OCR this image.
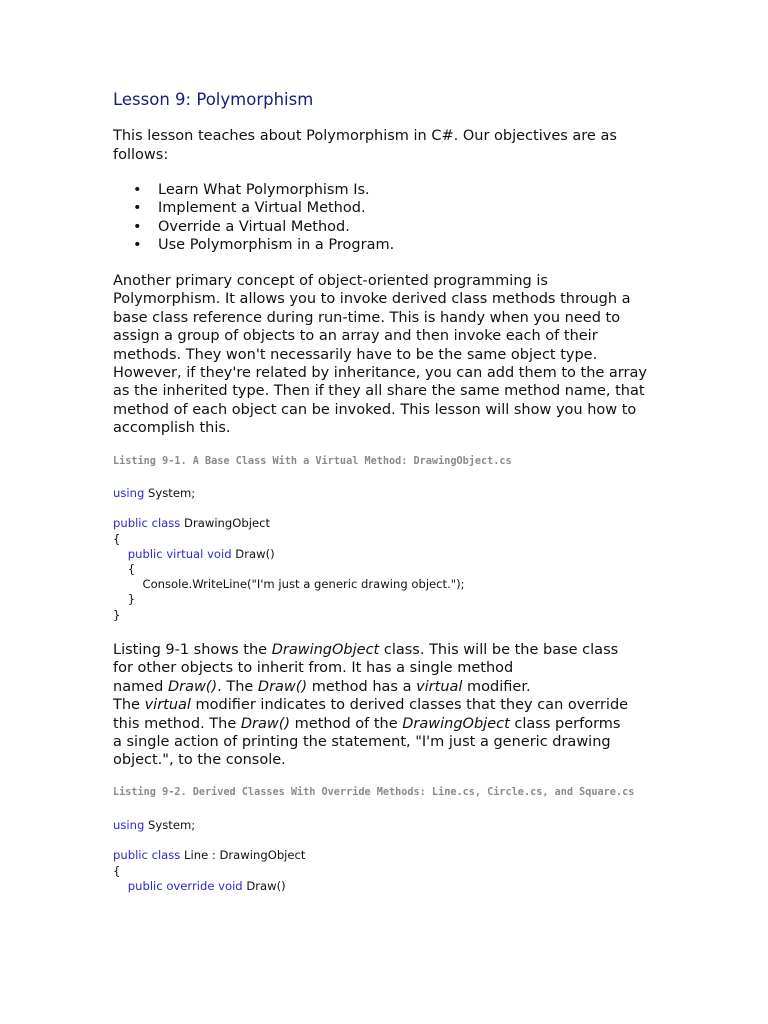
Lesson 9: Polymorphism

This lesson teaches about Polymorphism in C#. Our objectives are as follows:

• Learn What Polymorphism Is.
• Implement a Virtual Method.
• Override a Virtual Method.
• Use Polymorphism in a Program.

Another primary concept of object-oriented programming is Polymorphism. It allows you to invoke derived class methods through a base class reference during run-time. This is handy when you need to assign a group of objects to an array and then invoke each of their methods. They won't necessarily have to be the same object type. However, if they're related by inheritance, you can add them to the array as the inherited type. Then if they all share the same method name, that method of each object can be invoked. This lesson will show you how to accomplish this.

Listing 9-1. A Base Class With a Virtual Method: DrawingObject.cs

using System;
public class DrawingObject
{
public virtual void Draw()
{
Console.WriteLine("I'm just a generic drawing object.");
}
}

Listing 9-1 shows the DrawingObject class. This will be the base class
for other objects to inherit from. It has a single method
named Draw(). The Draw() method has a virtual modifier.
The virtual modifier indicates to derived classes that they can override
this method. The Draw() method of the DrawingObject class performs
a single action of printing the statement, "I'm just a generic drawing
object.", to the console.

Listing 9-2. Derived Classes With Override Methods: Line.cs, Circle.cs, and Square.cs

using System;
public class Line : DrawingObject
{
public override void Draw()
